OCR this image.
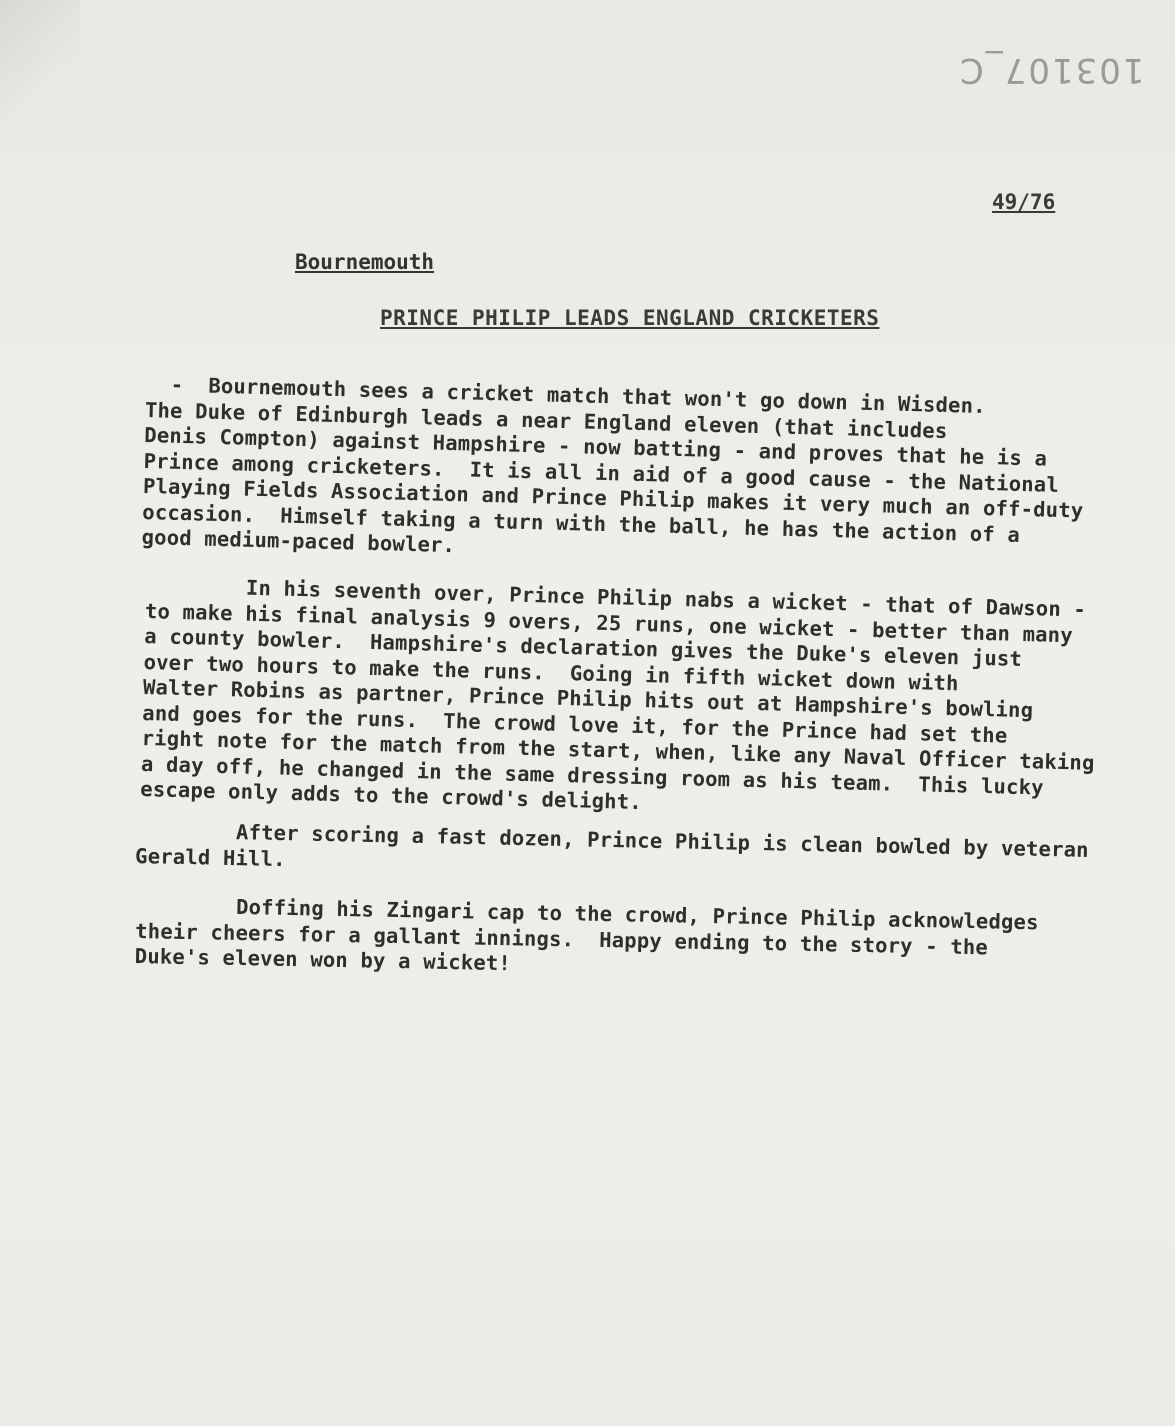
103107_C
49/76
Bournemouth
PRINCE PHILIP LEADS ENGLAND CRICKETERS
-  Bournemouth sees a cricket match that won't go down in Wisden.
The Duke of Edinburgh leads a near England eleven (that includes
Denis Compton) against Hampshire - now batting - and proves that he is a
Prince among cricketers.  It is all in aid of a good cause - the National
Playing Fields Association and Prince Philip makes it very much an off-duty
occasion.  Himself taking a turn with the ball, he has the action of a
good medium-paced bowler.
In his seventh over, Prince Philip nabs a wicket - that of Dawson -
to make his final analysis 9 overs, 25 runs, one wicket - better than many
a county bowler.  Hampshire's declaration gives the Duke's eleven just
over two hours to make the runs.  Going in fifth wicket down with
Walter Robins as partner, Prince Philip hits out at Hampshire's bowling
and goes for the runs.  The crowd love it, for the Prince had set the
right note for the match from the start, when, like any Naval Officer taking
a day off, he changed in the same dressing room as his team.  This lucky
escape only adds to the crowd's delight.
After scoring a fast dozen, Prince Philip is clean bowled by veteran
Gerald Hill.
Doffing his Zingari cap to the crowd, Prince Philip acknowledges
their cheers for a gallant innings.  Happy ending to the story - the
Duke's eleven won by a wicket!
